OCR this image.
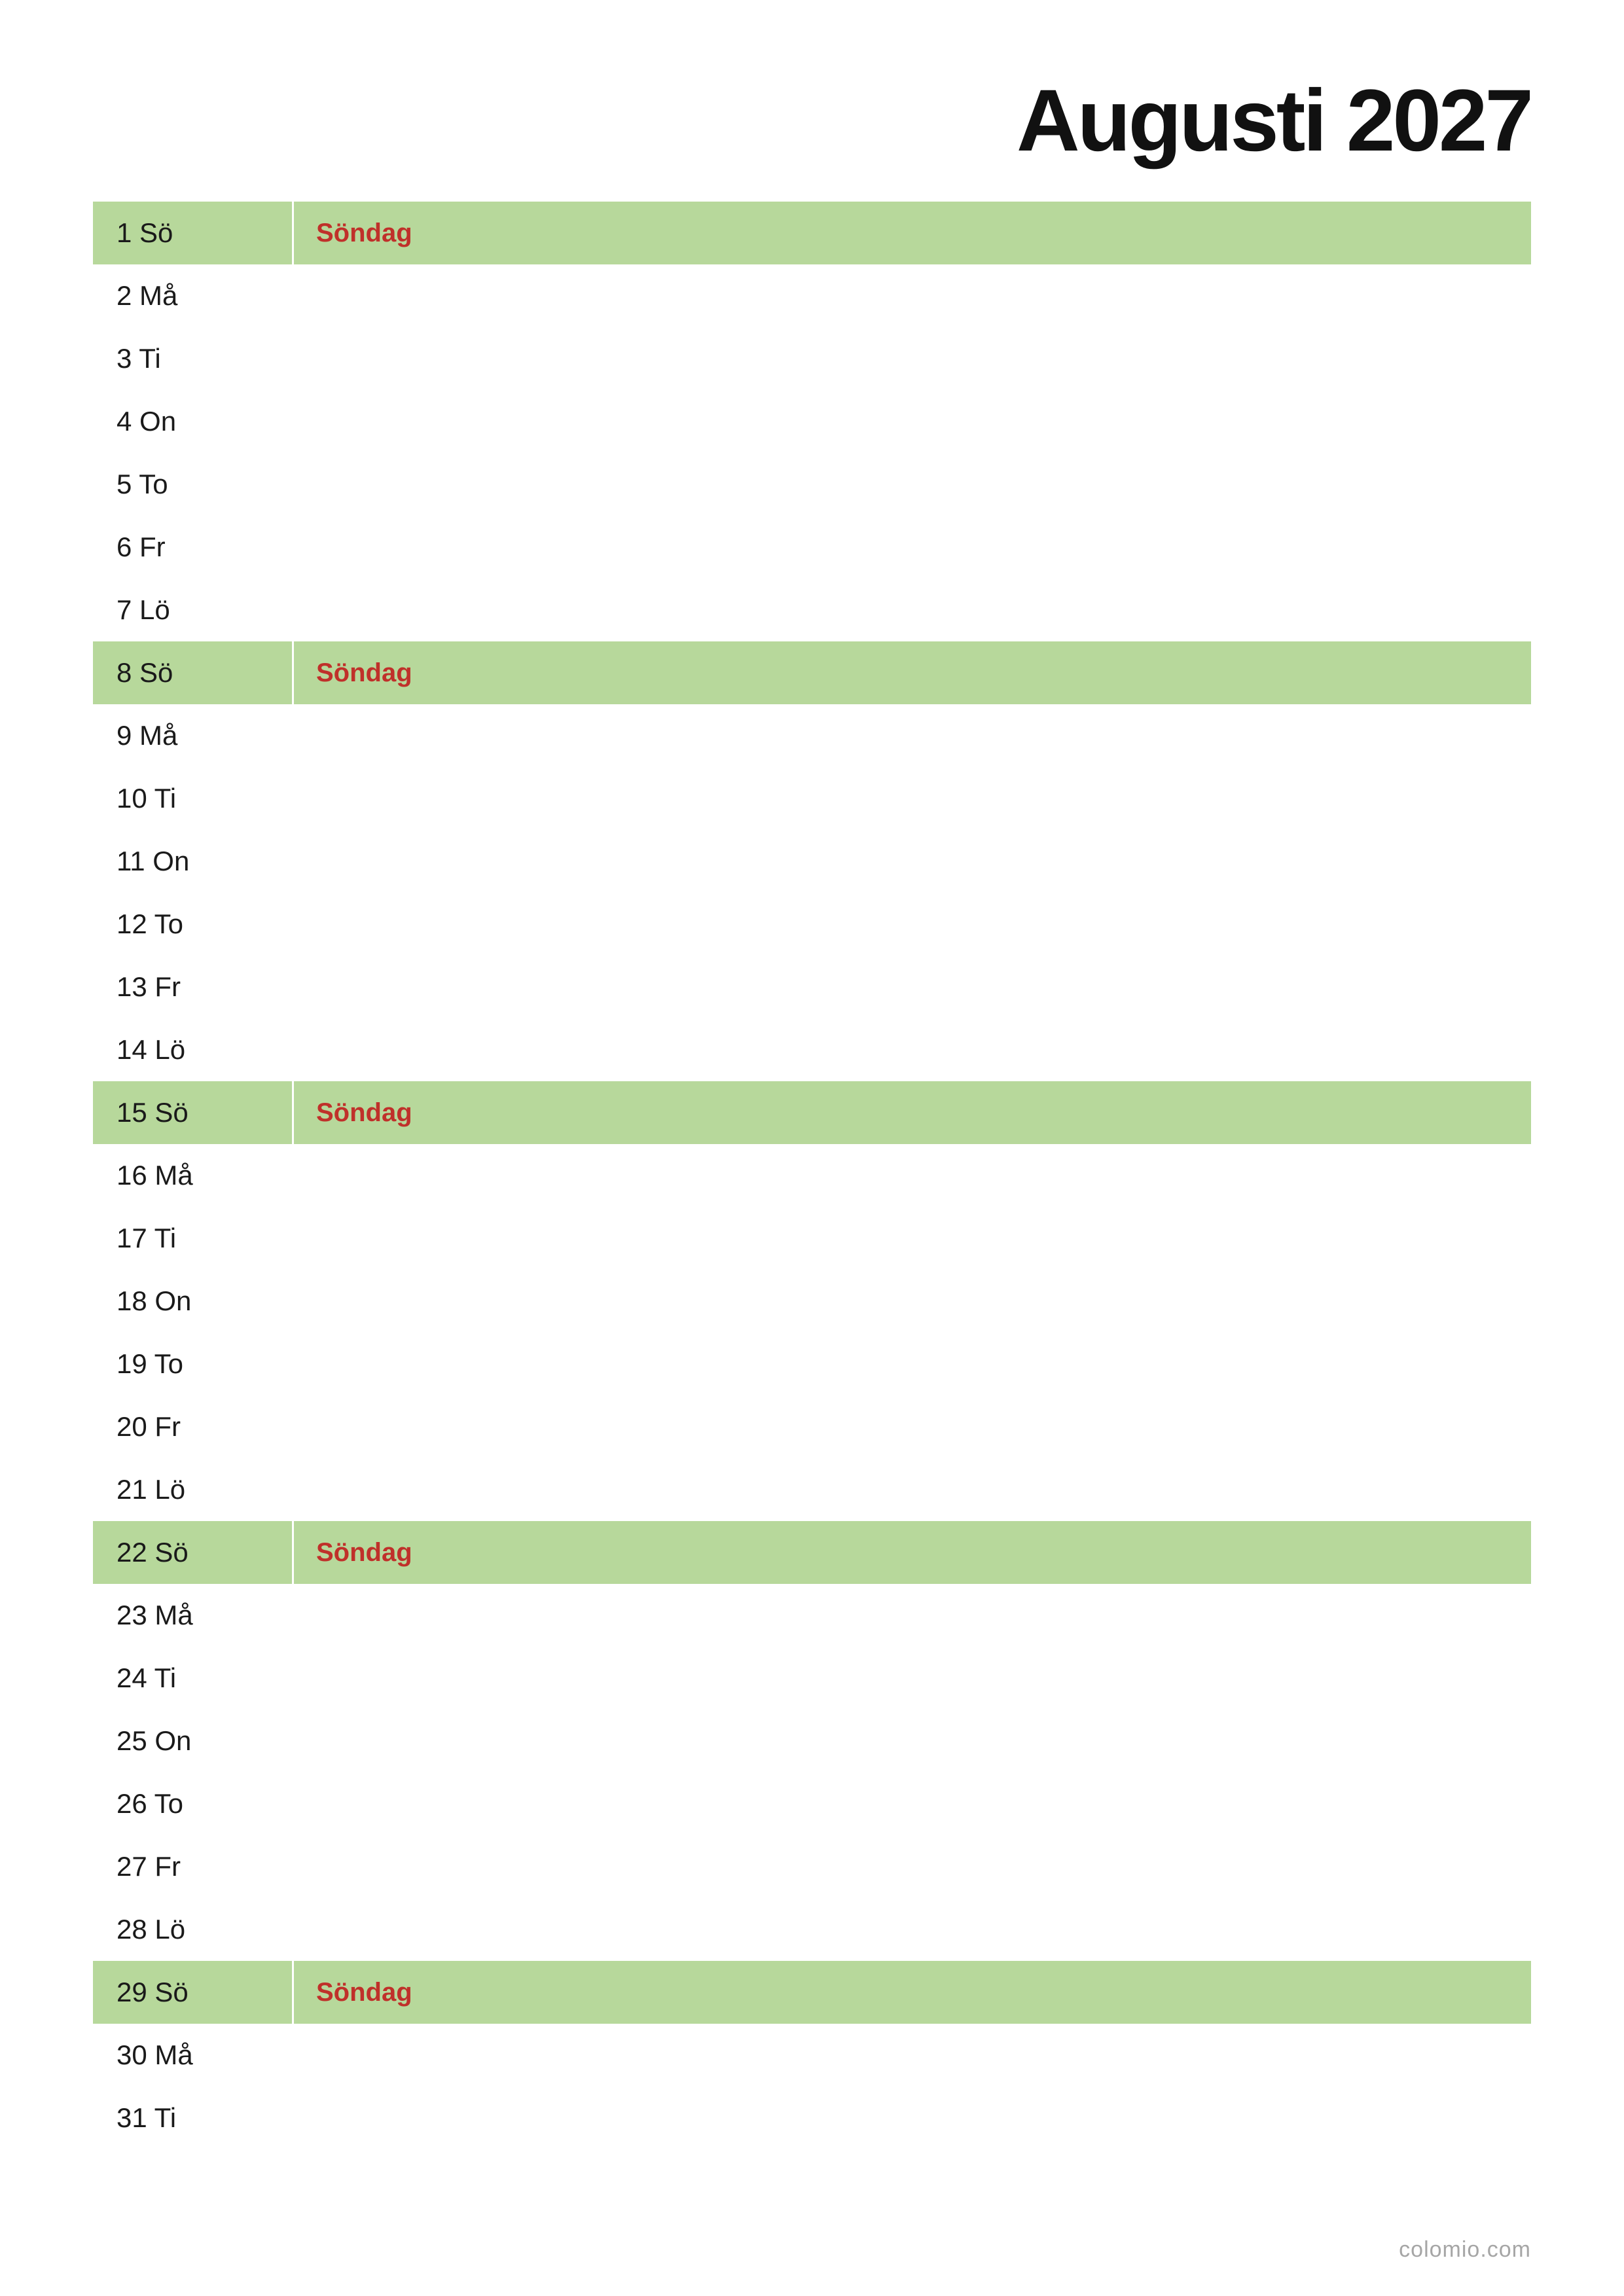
Augusti 2027
1 Sö	Söndag
2 Må
3 Ti
4 On
5 To
6 Fr
7 Lö
8 Sö	Söndag
9 Må
10 Ti
11 On
12 To
13 Fr
14 Lö
15 Sö	Söndag
16 Må
17 Ti
18 On
19 To
20 Fr
21 Lö
22 Sö	Söndag
23 Må
24 Ti
25 On
26 To
27 Fr
28 Lö
29 Sö	Söndag
30 Må
31 Ti
colomio.com
